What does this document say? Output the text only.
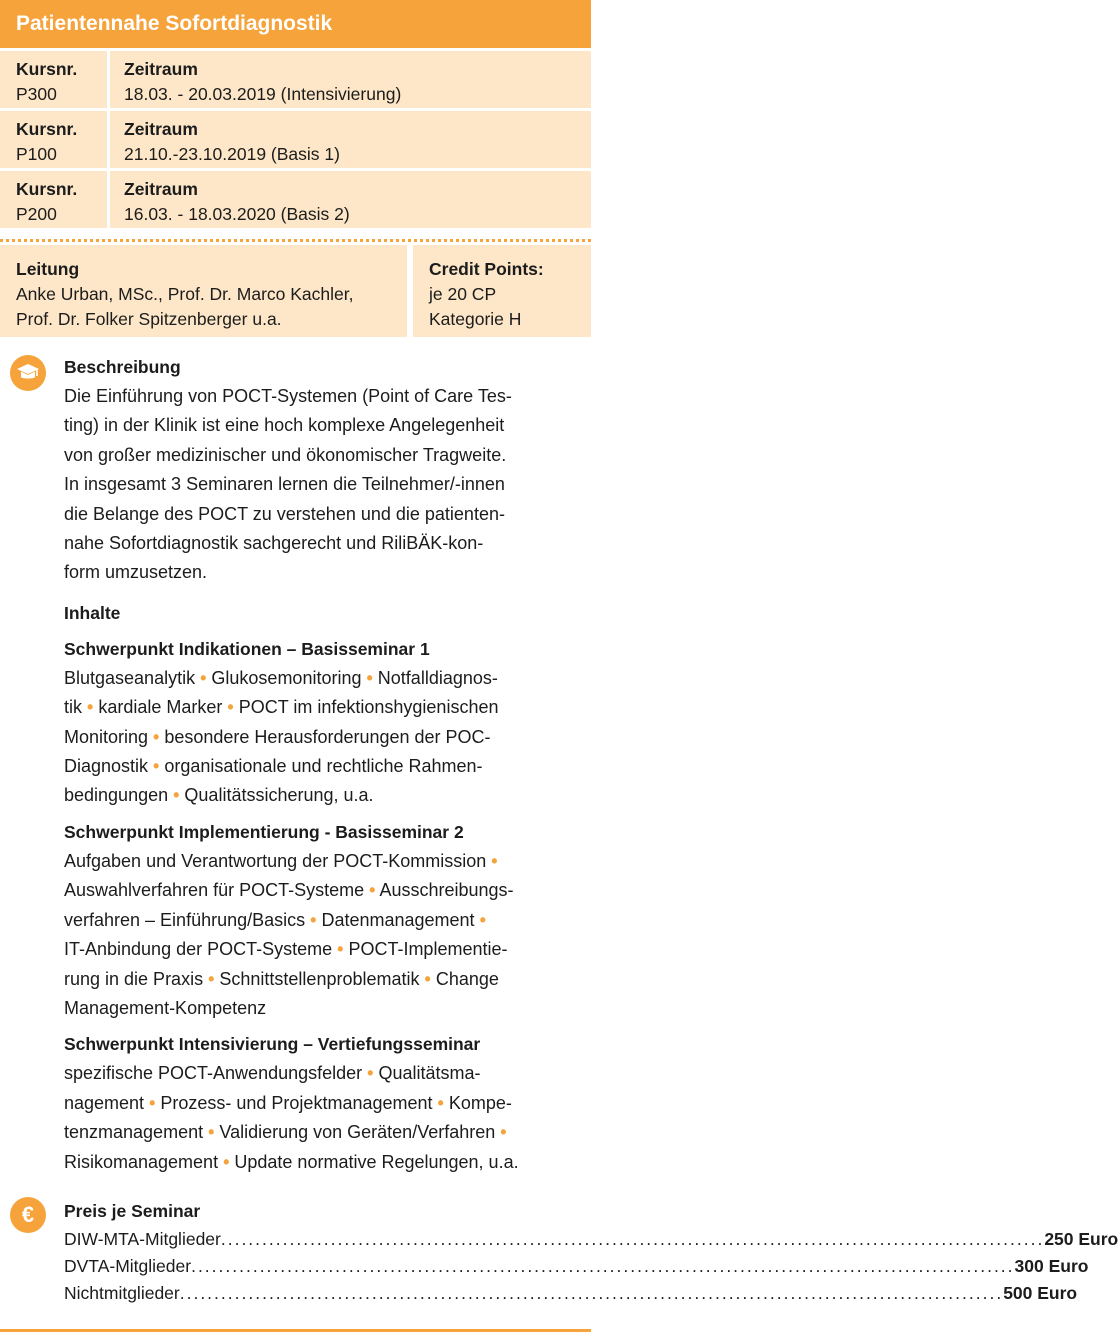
Patientennahe Sofortdiagnostik
Kursnr.
P300
Zeitraum
18.03. - 20.03.2019 (Intensivierung)
Kursnr.
P100
Zeitraum
21.10.-23.10.2019 (Basis 1)
Kursnr.
P200
Zeitraum
16.03. - 18.03.2020 (Basis 2)
Leitung
Anke Urban, MSc., Prof. Dr. Marco Kachler,
Prof. Dr. Folker Spitzenberger u.a.
Credit Points:
je 20 CP
Kategorie H
Beschreibung
Die Einführung von POCT-Systemen (Point of Care Tes-
ting) in der Klinik ist eine hoch komplexe Angelegenheit
von großer medizinischer und ökonomischer Tragweite.
In insgesamt 3 Seminaren lernen die Teilnehmer/-innen
die Belange des POCT zu verstehen und die patienten-
nahe Sofortdiagnostik sachgerecht und RiliBÄK-kon-
form umzusetzen.
Inhalte
Schwerpunkt Indikationen – Basisseminar 1
Blutgaseanalytik • Glukosemonitoring • Notfalldiagnos-
tik • kardiale Marker • POCT im infektionshygienischen
Monitoring • besondere Herausforderungen der POC-
Diagnostik • organisationale und rechtliche Rahmen-
bedingungen • Qualitätssicherung, u.a.
Schwerpunkt Implementierung - Basisseminar 2
Aufgaben und Verantwortung der POCT-Kommission •
Auswahlverfahren für POCT-Systeme • Ausschreibungs-
verfahren – Einführung/Basics • Datenmanagement •
IT-Anbindung der POCT-Systeme • POCT-Implementie-
rung in die Praxis • Schnittstellenproblematik • Change
Management-Kompetenz
Schwerpunkt Intensivierung – Vertiefungsseminar
spezifische POCT-Anwendungsfelder • Qualitätsma-
nagement • Prozess- und Projektmanagement • Kompe-
tenzmanagement • Validierung von Geräten/Verfahren •
Risikomanagement • Update normative Regelungen, u.a.
€ Preis je Seminar
DIW-MTA-Mitglieder ........................................................................................................................ 250 Euro
DVTA-Mitglieder ........................................................................................................................ 300 Euro
Nichtmitglieder ........................................................................................................................ 500 Euro
